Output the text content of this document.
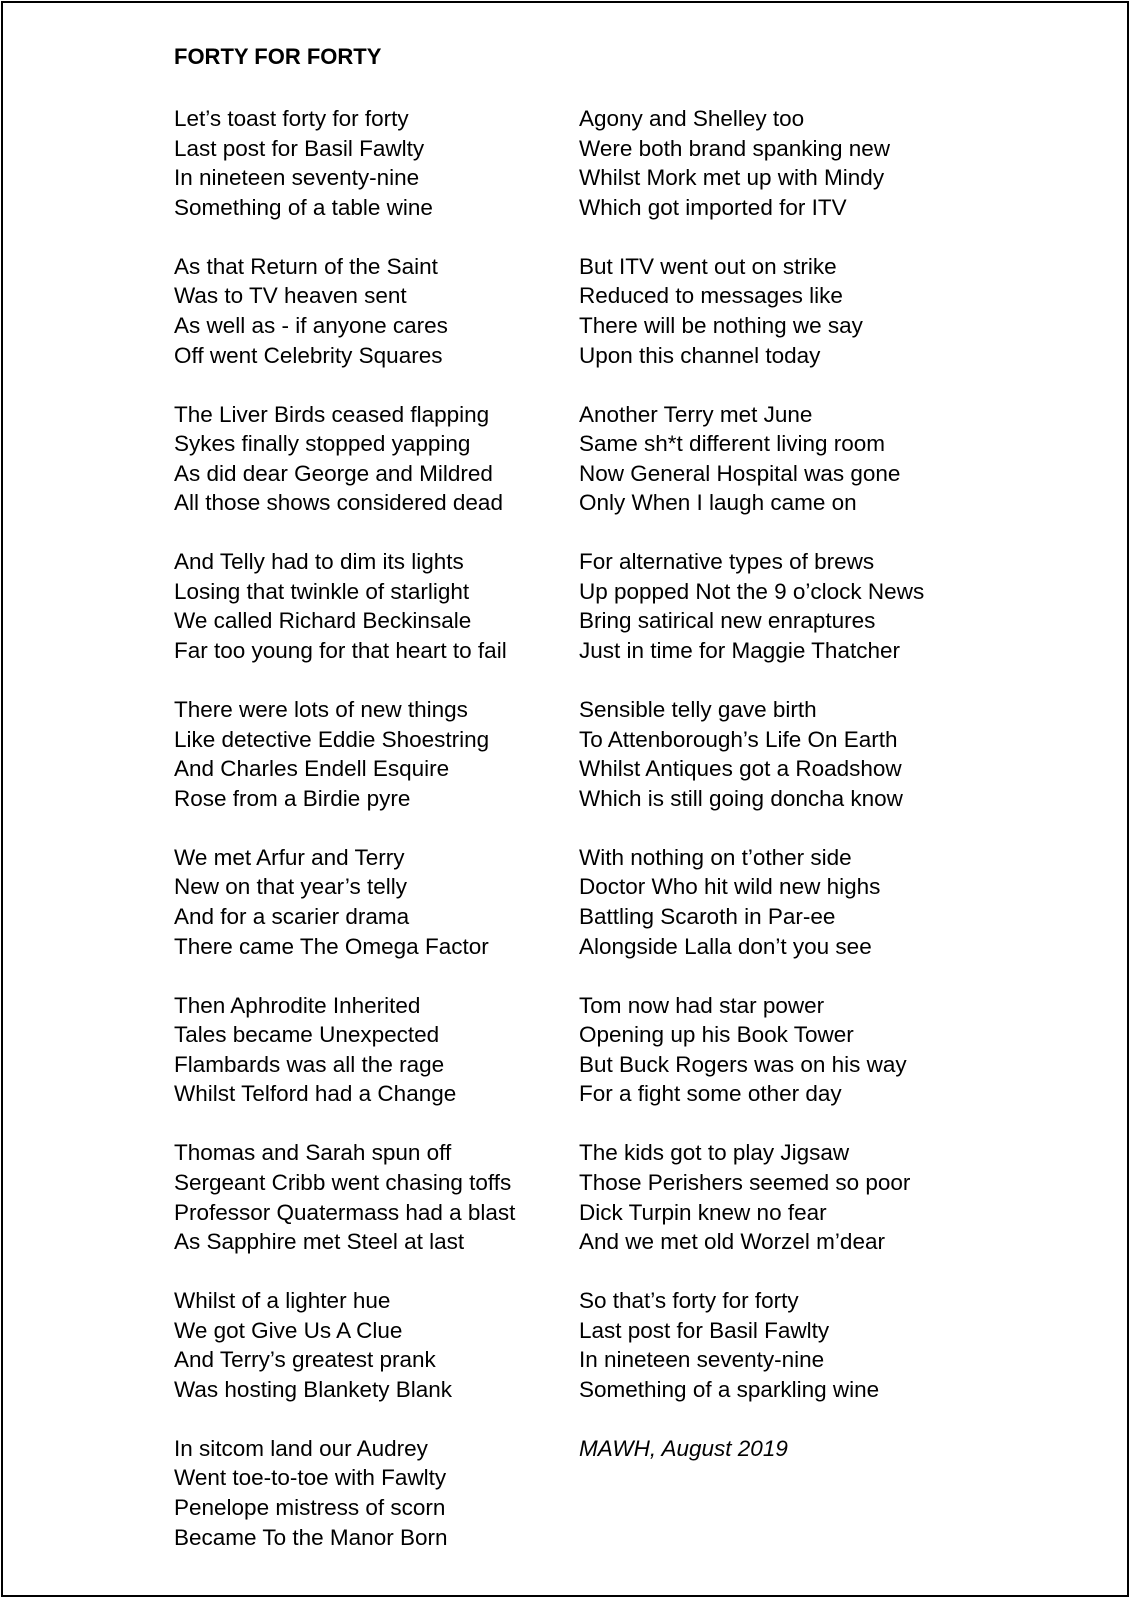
FORTY FOR FORTY
Let’s toast forty for forty
Last post for Basil Fawlty
In nineteen seventy-nine
Something of a table wine
As that Return of the Saint
Was to TV heaven sent
As well as - if anyone cares
Off went Celebrity Squares
The Liver Birds ceased flapping
Sykes finally stopped yapping
As did dear George and Mildred
All those shows considered dead
And Telly had to dim its lights
Losing that twinkle of starlight
We called Richard Beckinsale
Far too young for that heart to fail
There were lots of new things
Like detective Eddie Shoestring
And Charles Endell Esquire
Rose from a Birdie pyre
We met Arfur and Terry
New on that year’s telly
And for a scarier drama
There came The Omega Factor
Then Aphrodite Inherited
Tales became Unexpected
Flambards was all the rage
Whilst Telford had a Change
Thomas and Sarah spun off
Sergeant Cribb went chasing toffs
Professor Quatermass had a blast
As Sapphire met Steel at last
Whilst of a lighter hue
We got Give Us A Clue
And Terry’s greatest prank
Was hosting Blankety Blank
In sitcom land our Audrey
Went toe-to-toe with Fawlty
Penelope mistress of scorn
Became To the Manor Born
Agony and Shelley too
Were both brand spanking new
Whilst Mork met up with Mindy
Which got imported for ITV
But ITV went out on strike
Reduced to messages like
There will be nothing we say
Upon this channel today
Another Terry met June
Same sh*t different living room
Now General Hospital was gone
Only When I laugh came on
For alternative types of brews
Up popped Not the 9 o’clock News
Bring satirical new enraptures
Just in time for Maggie Thatcher
Sensible telly gave birth
To Attenborough’s Life On Earth
Whilst Antiques got a Roadshow
Which is still going doncha know
With nothing on t’other side
Doctor Who hit wild new highs
Battling Scaroth in Par-ee
Alongside Lalla don’t you see
Tom now had star power
Opening up his Book Tower
But Buck Rogers was on his way
For a fight some other day
The kids got to play Jigsaw
Those Perishers seemed so poor
Dick Turpin knew no fear
And we met old Worzel m’dear
So that’s forty for forty
Last post for Basil Fawlty
In nineteen seventy-nine
Something of a sparkling wine
MAWH, August 2019
